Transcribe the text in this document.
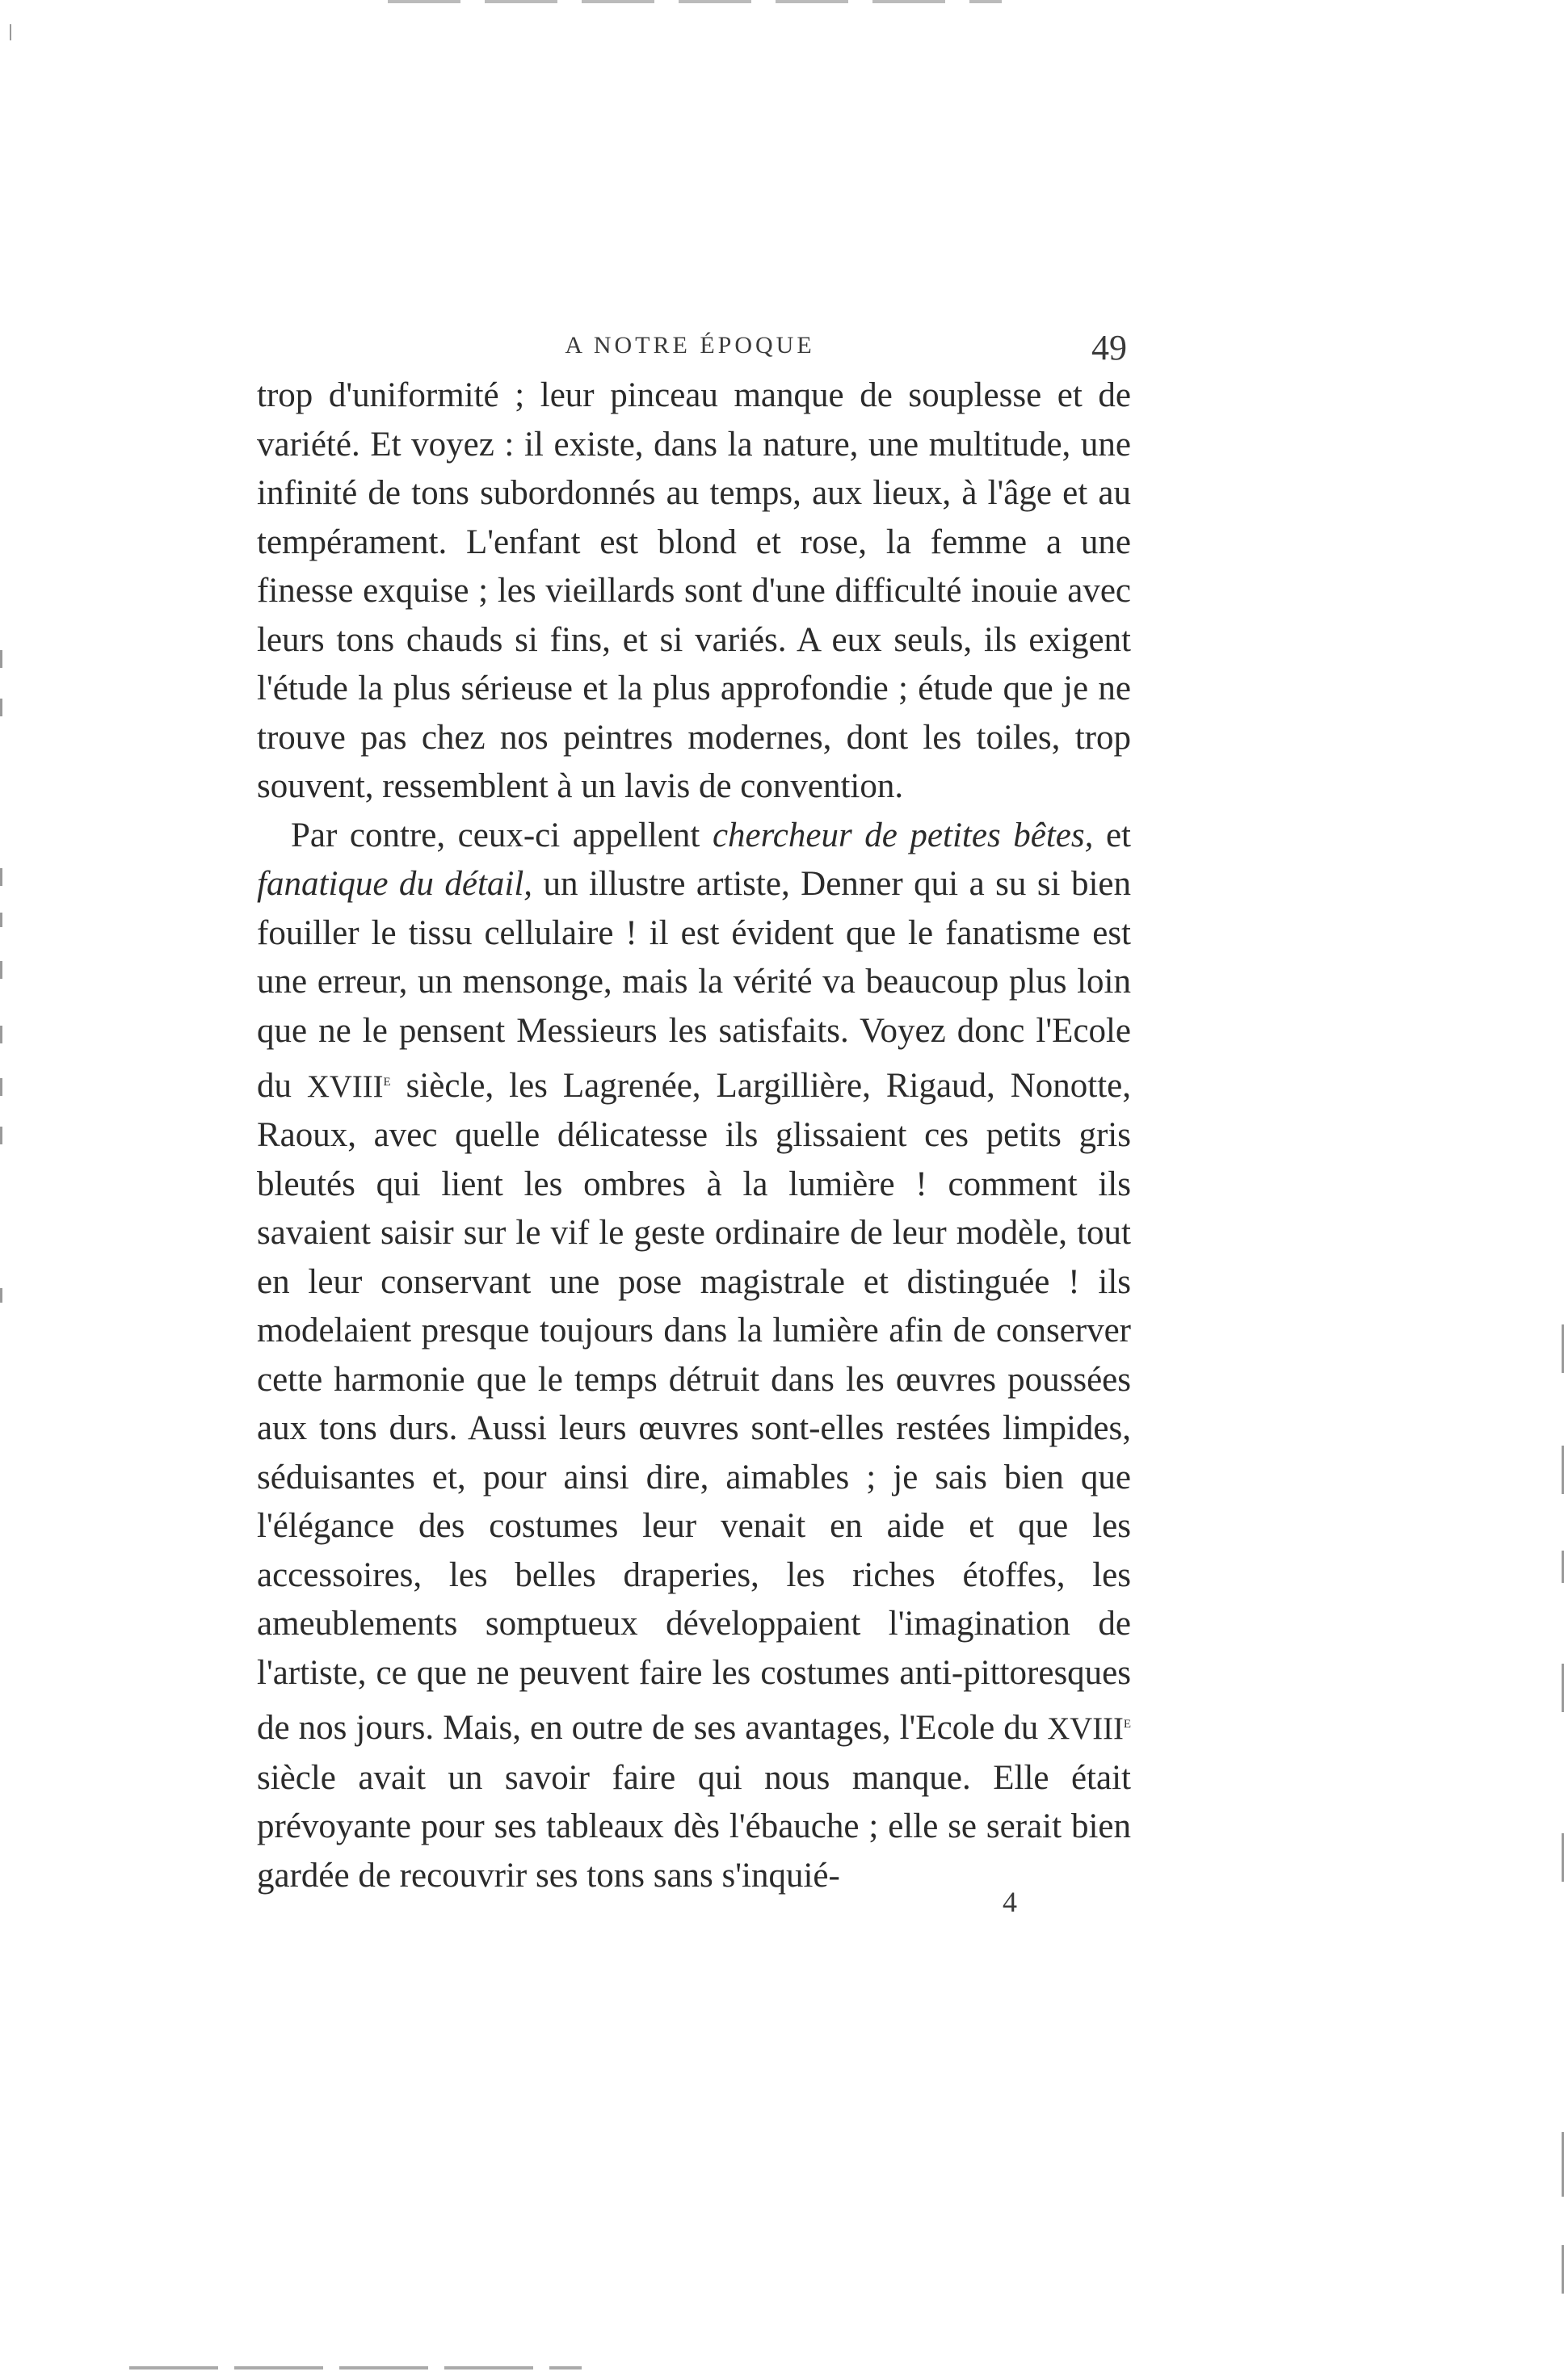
A NOTRE ÉPOQUE	49

trop d'uniformité ; leur pinceau manque de souplesse et de variété. Et voyez : il existe, dans la nature, une multitude, une infinité de tons subordonnés au temps, aux lieux, à l'âge et au tempérament. L'enfant est blond et rose, la femme a une finesse exquise ; les vieillards sont d'une difficulté inouie avec leurs tons chauds si fins, et si variés. A eux seuls, ils exigent l'étude la plus sérieuse et la plus approfondie ; étude que je ne trouve pas chez nos peintres modernes, dont les toiles, trop souvent, ressemblent à un lavis de convention.

Par contre, ceux-ci appellent chercheur de petites bêtes, et fanatique du détail, un illustre artiste, Denner qui a su si bien fouiller le tissu cellulaire ! il est évident que le fanatisme est une erreur, un mensonge, mais la vérité va beaucoup plus loin que ne le pensent Messieurs les satisfaits. Voyez donc l'Ecole du XVIIIe siècle, les Lagrenée, Largillière, Rigaud, Nonotte, Raoux, avec quelle délicatesse ils glissaient ces petits gris bleutés qui lient les ombres à la lumière ! comment ils savaient saisir sur le vif le geste ordinaire de leur modèle, tout en leur conservant une pose magistrale et distinguée ! ils modelaient presque toujours dans la lumière afin de conserver cette harmonie que le temps détruit dans les œuvres poussées aux tons durs. Aussi leurs œuvres sont-elles restées limpides, séduisantes et, pour ainsi dire, aimables ; je sais bien que l'élégance des costumes leur venait en aide et que les accessoires, les belles draperies, les riches étoffes, les ameublements somptueux développaient l'imagination de l'artiste, ce que ne peuvent faire les costumes anti-pittoresques de nos jours. Mais, en outre de ses avantages, l'Ecole du XVIIIe siècle avait un savoir faire qui nous manque. Elle était prévoyante pour ses tableaux dès l'ébauche ; elle se serait bien gardée de recouvrir ses tons sans s'inquié-

4
